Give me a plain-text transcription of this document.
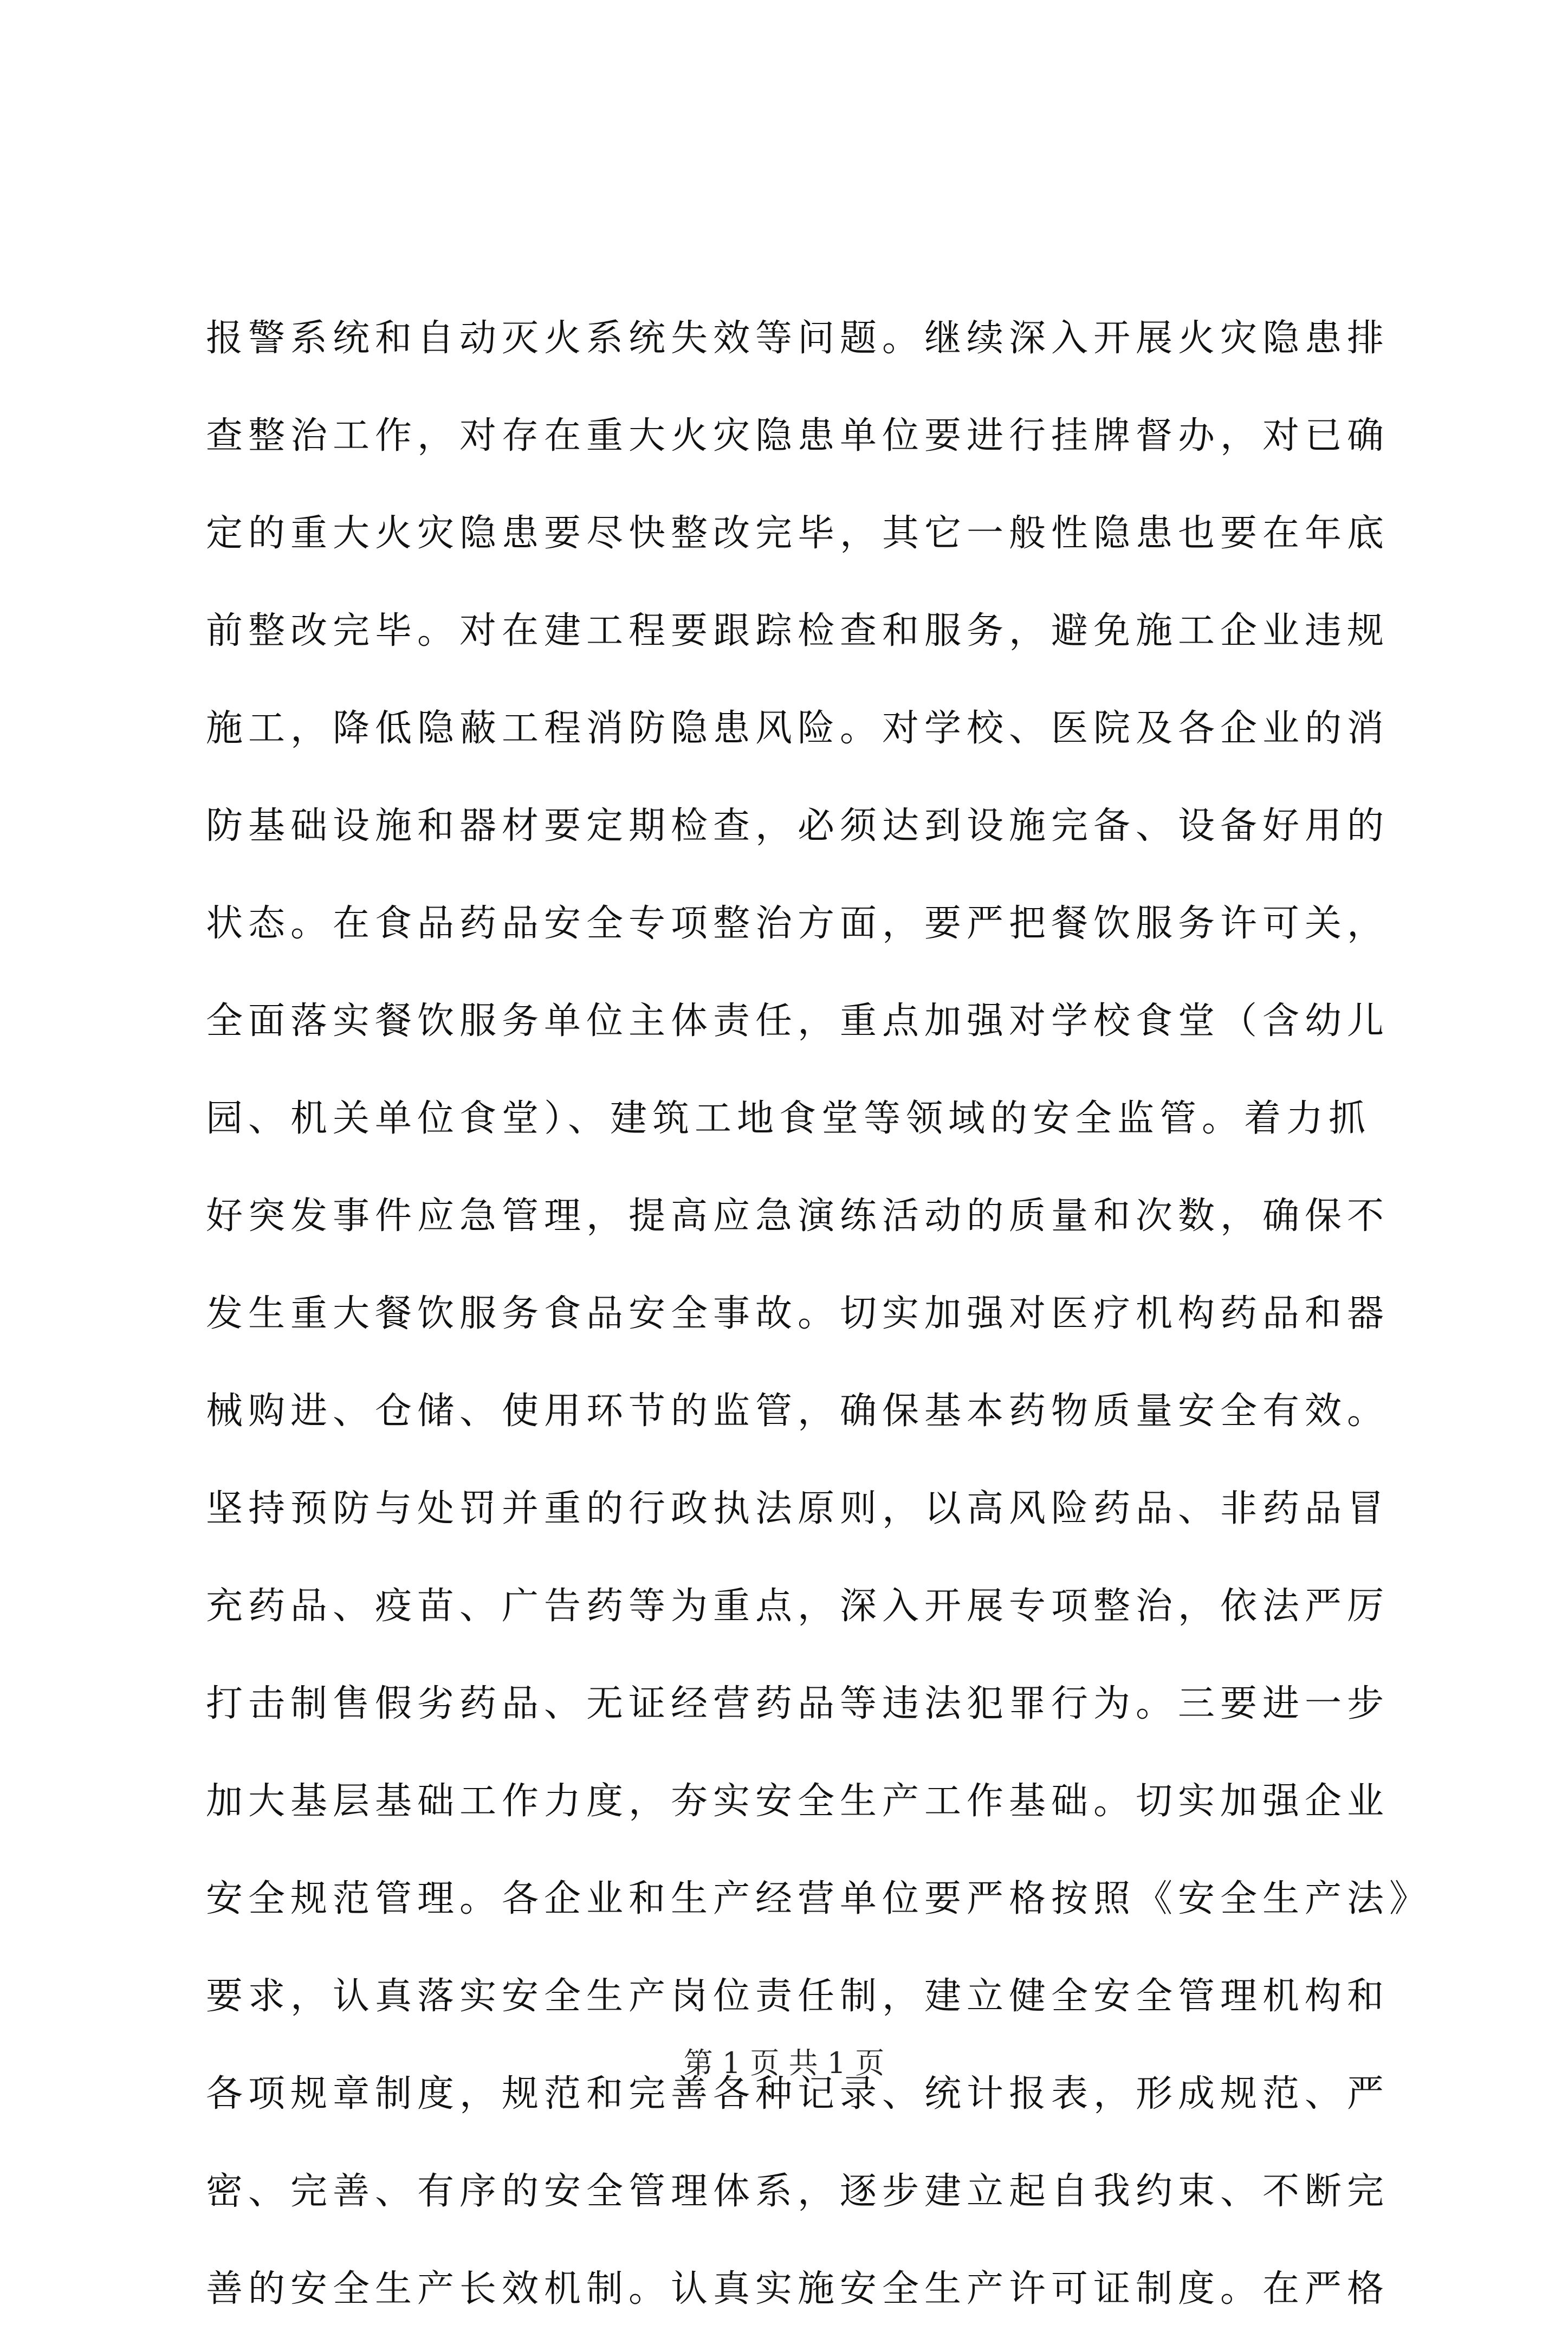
报警系统和自动灭火系统失效等问题。继续深入开展火灾隐患排
查整治工作，对存在重大火灾隐患单位要进行挂牌督办，对已确
定的重大火灾隐患要尽快整改完毕，其它一般性隐患也要在年底
前整改完毕。对在建工程要跟踪检查和服务，避免施工企业违规
施工，降低隐蔽工程消防隐患风险。对学校、医院及各企业的消
防基础设施和器材要定期检查，必须达到设施完备、设备好用的
状态。在食品药品安全专项整治方面，要严把餐饮服务许可关，
全面落实餐饮服务单位主体责任，重点加强对学校食堂（含幼儿
园、机关单位食堂）、建筑工地食堂等领域的安全监管。着力抓
好突发事件应急管理，提高应急演练活动的质量和次数，确保不
发生重大餐饮服务食品安全事故。切实加强对医疗机构药品和器
械购进、仓储、使用环节的监管，确保基本药物质量安全有效。
坚持预防与处罚并重的行政执法原则，以高风险药品、非药品冒
充药品、疫苗、广告药等为重点，深入开展专项整治，依法严厉
打击制售假劣药品、无证经营药品等违法犯罪行为。三要进一步
加大基层基础工作力度，夯实安全生产工作基础。切实加强企业
安全规范管理。各企业和生产经营单位要严格按照《安全生产法》
要求，认真落实安全生产岗位责任制，建立健全安全管理机构和
各项规章制度，规范和完善各种记录、统计报表，形成规范、严
密、完善、有序的安全管理体系，逐步建立起自我约束、不断完
善的安全生产长效机制。认真实施安全生产许可证制度。在严格
第 1 页 共 1 页
